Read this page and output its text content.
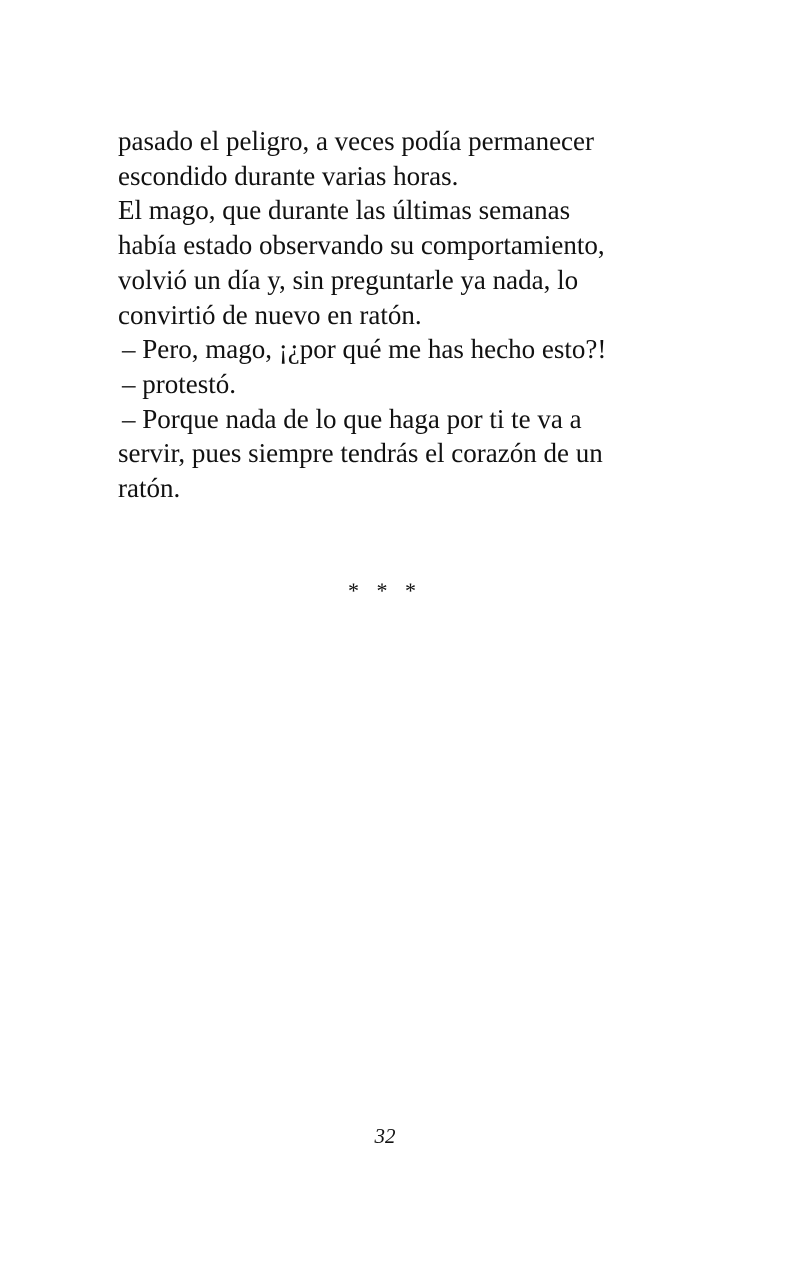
pasado el peligro, a veces podía permanecer
escondido durante varias horas.
El mago, que durante las últimas semanas
había estado observando su comportamiento,
volvió un día y, sin preguntarle ya nada, lo
convirtió de nuevo en ratón.
– Pero, mago, ¡¿por qué me has hecho esto?!
– protestó.
– Porque nada de lo que haga por ti te va a
servir, pues siempre tendrás el corazón de un
ratón.
* * *
32
